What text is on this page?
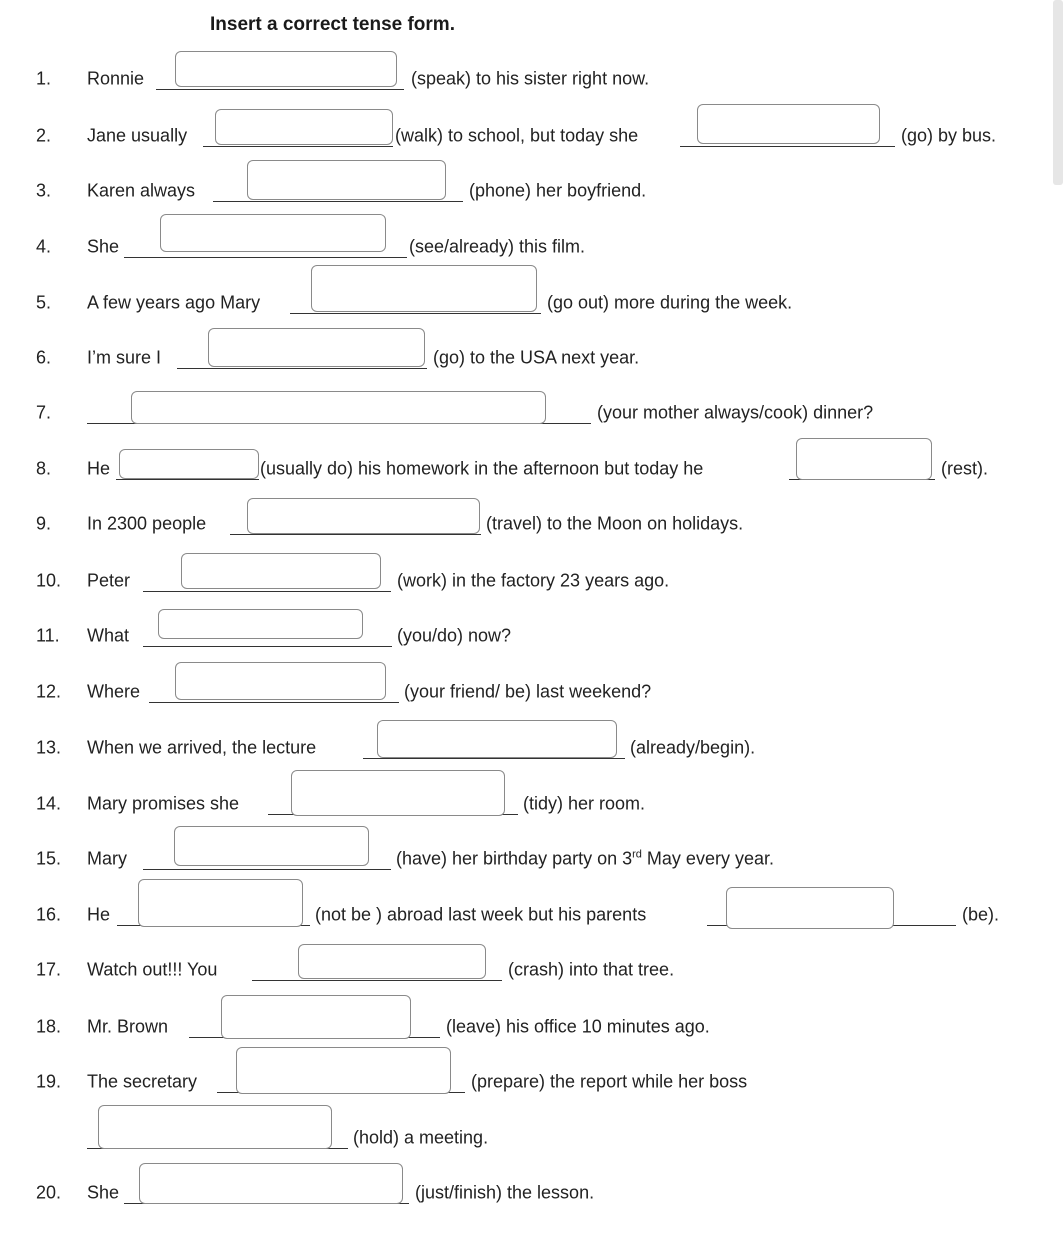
Insert a correct tense form.
1. Ronnie	(speak) to his sister right now.
2. Jane usually	(walk) to school, but today she	(go) by bus.
3. Karen always	(phone) her boyfriend.
4. She	(see/already) this film.
5. A few years ago Mary	(go out) more during the week.
6. I’m sure I	(go) to the USA next year.
7.	(your mother always/cook) dinner?
8. He	(usually do) his homework in the afternoon but today he	(rest).
9. In 2300 people	(travel) to the Moon on holidays.
10. Peter	(work) in the factory 23 years ago.
11. What	(you/do) now?
12. Where	(your friend/ be) last weekend?
13. When we arrived, the lecture	(already/begin).
14. Mary promises she	(tidy) her room.
15. Mary	(have) her birthday party on 3rd May every year.
16. He	(not be ) abroad last week but his parents	(be).
17. Watch out!!! You	(crash) into that tree.
18. Mr. Brown	(leave) his office 10 minutes ago.
19. The secretary	(prepare) the report while her boss
(hold) a meeting.
20. She	(just/finish) the lesson.
